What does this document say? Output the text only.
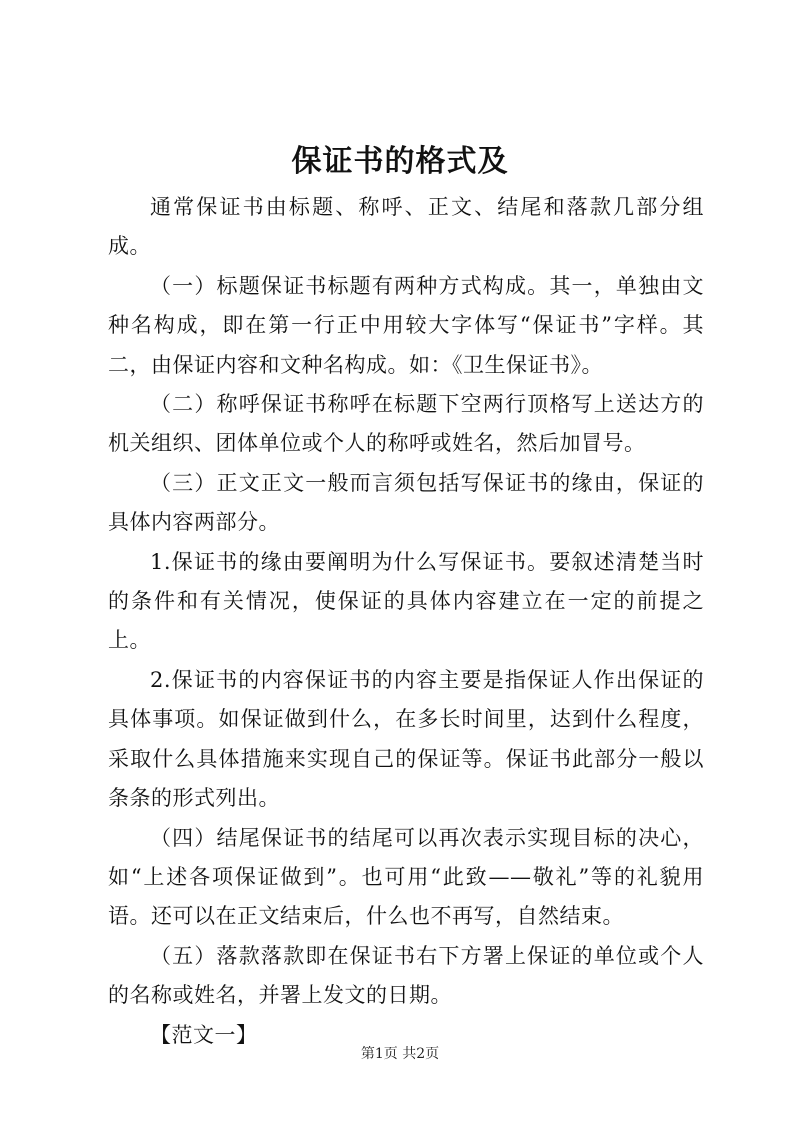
保证书的格式及

通常保证书由标题、称呼、正文、结尾和落款几部分组成。

（一）标题保证书标题有两种方式构成。其一，单独由文种名构成，即在第一行正中用较大字体写“保证书”字样。其二，由保证内容和文种名构成。如：《卫生保证书》。

（二）称呼保证书称呼在标题下空两行顶格写上送达方的机关组织、团体单位或个人的称呼或姓名，然后加冒号。

（三）正文正文一般而言须包括写保证书的缘由，保证的具体内容两部分。

1.保证书的缘由要阐明为什么写保证书。要叙述清楚当时的条件和有关情况，使保证的具体内容建立在一定的前提之上。

2.保证书的内容保证书的内容主要是指保证人作出保证的具体事项。如保证做到什么，在多长时间里，达到什么程度，采取什么具体措施来实现自己的保证等。保证书此部分一般以条条的形式列出。

（四）结尾保证书的结尾可以再次表示实现目标的决心，如“上述各项保证做到”。也可用“此致——敬礼”等的礼貌用语。还可以在正文结束后，什么也不再写，自然结束。

（五）落款落款即在保证书右下方署上保证的单位或个人的名称或姓名，并署上发文的日期。

【范文一】

第1页 共2页
